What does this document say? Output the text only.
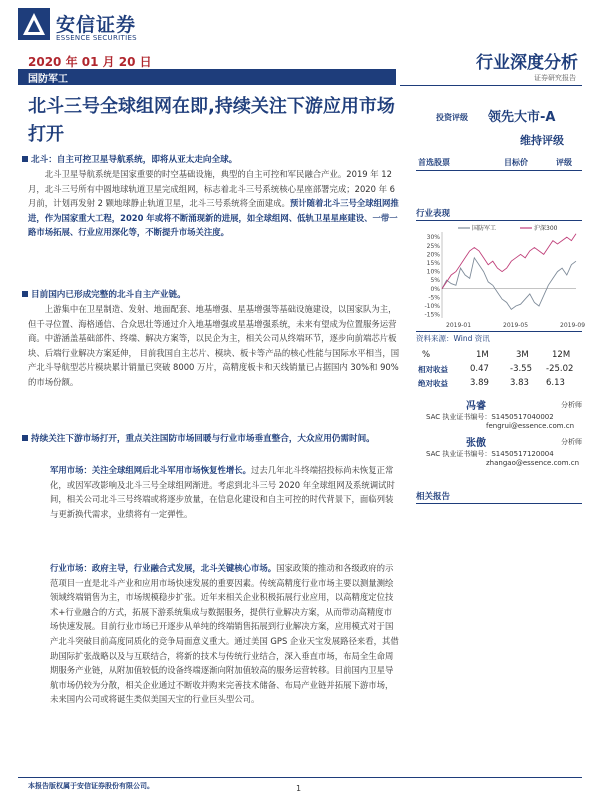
安信证券
ESSENCE SECURITIES
2020 年 01 月 20 日	行业深度分析
证券研究报告
国防军工
北斗三号全球组网在即,持续关注下游应用市场打开
投资评级 领先大市-A
维持评级
首选股票	目标价	评级
北斗：自主可控卫星导航系统，即将从亚太走向全球。
北斗卫星导航系统是国家重要的时空基础设施，典型的自主可控和军民融合产业。2019 年 12 月，北斗三号所有中圆地球轨道卫星完成组网，标志着北斗三号系统核心星座部署完成；2020 年 6 月前，计划再发射 2 颗地球静止轨道卫星，北斗三号系统将全面建成。预计随着北斗三号全球组网推进，作为国家重大工程，2020 年或将不断涌现新的进展，如全球组网、低轨卫星星座建设、一带一路市场拓展、行业应用深化等，不断提升市场关注度。
目前国内已形成完整的北斗自主产业链。
上游集中在卫星制造、发射、地面配套、地基增强、星基增强等基础设施建设，以国家队为主，但千寻位置、海格通信、合众思壮等通过介入地基增强或星基增强系统，未来有望成为位置服务运营商。中游涵盖基础部件、终端、解决方案等，以民企为主，相关公司从终端环节，逐步向前端芯片板块、后端行业解决方案延伸， 目前我国自主芯片、模块、板卡等产品的核心性能与国际水平相当，国产北斗导航型芯片模块累计销量已突破 8000 万片，高精度板卡和天线销量已占据国内 30%和 90%的市场份额。
持续关注下游市场打开，重点关注国防市场回暖与行业市场垂直整合，大众应用仍需时间。
军用市场：关注全球组网后北斗军用市场恢复性增长。过去几年北斗终端招投标尚未恢复正常化，或因军改影响及北斗三号全球组网渐进。考虑到北斗三号 2020 年全球组网及系统调试时间，相关公司北斗三号终端或将逐步放量，在信息化建设和自主可控的时代背景下，面临列装与更新换代需求，业绩将有一定弹性。
行业市场：政府主导，行业融合式发展，北斗关键核心市场。国家政策的推动和各级政府的示范项目一直是北斗产业和应用市场快速发展的重要因素。传统高精度行业市场主要以测量测绘领域终端销售为主，市场规模稳步扩张。近年来相关企业积极拓展行业应用，以高精度定位技术+行业融合的方式，拓展下游系统集成与数据服务，提供行业解决方案，从而带动高精度市场快速发展。目前行业市场已开逐步从单纯的终端销售拓展到行业解决方案，应用模式对于国产北斗突破目前高度同质化的竞争局面意义重大。通过美国 GPS 企业天宝发展路径来看，其借助国际扩张战略以及与互联结合，将新的技术与传统行业结合，深入垂直市场，布局全生命周期服务产业链，从附加值较低的设备终端逐渐向附加值较高的服务运营转移。目前国内卫星导航市场仍较为分散，相关企业通过不断收并购来完善技术储备、布局产业链并拓展下游市场，未来国内公司或将诞生类似美国天宝的行业巨头型公司。
行业表现
30%
25%
20%
15%
10%
5%
0%
-5%
-10%
-15%
2019-01	2019-05	2019-09
国防军工	沪深300
资料来源：Wind 资讯
%	1M	3M	12M
相对收益	0.47 -3.55 -25.02
绝对收益	3.89 3.83 6.13
冯睿	分析师
SAC 执业证书编号：S1450517040002
fengrui@essence.com.cn
张傲	分析师
SAC 执业证书编号：S1450517120004
zhangao@essence.com.cn
相关报告
本报告版权属于安信证券股份有限公司。	1
